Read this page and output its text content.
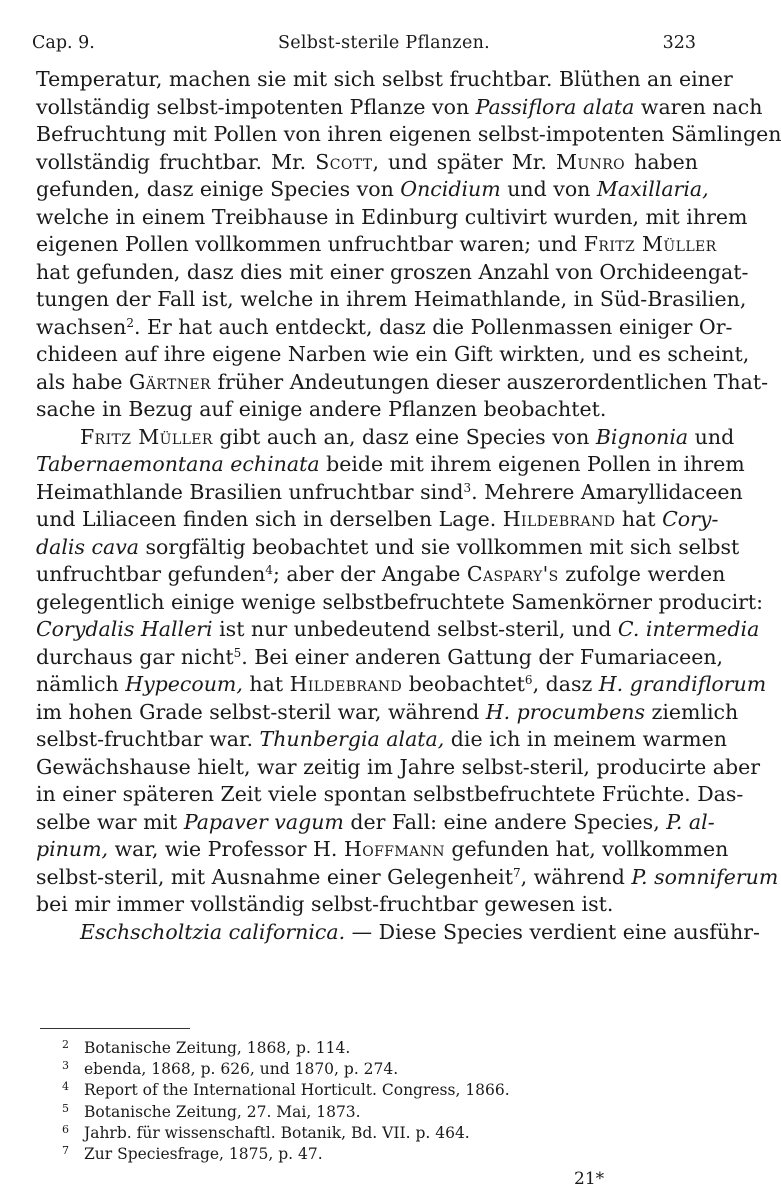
Cap. 9.	Selbst-sterile Pflanzen.	323
Temperatur, machen sie mit sich selbst fruchtbar. Blüthen an einer
vollständig selbst-impotenten Pflanze von Passiflora alata waren nach
Befruchtung mit Pollen von ihren eigenen selbst-impotenten Sämlingen
vollständig fruchtbar. Mr. Scott, und später Mr. Munro haben
gefunden, dasz einige Species von Oncidium und von Maxillaria,
welche in einem Treibhause in Edinburg cultivirt wurden, mit ihrem
eigenen Pollen vollkommen unfruchtbar waren; und Fritz Müller
hat gefunden, dasz dies mit einer groszen Anzahl von Orchideengat-
tungen der Fall ist, welche in ihrem Heimathlande, in Süd-Brasilien,
wachsen$^2$. Er hat auch entdeckt, dasz die Pollenmassen einiger Or-
chideen auf ihre eigene Narben wie ein Gift wirkten, und es scheint,
als habe Gärtner früher Andeutungen dieser auszerordentlichen That-
sache in Bezug auf einige andere Pflanzen beobachtet.
Fritz Müller gibt auch an, dasz eine Species von Bignonia und
Tabernaemontana echinata beide mit ihrem eigenen Pollen in ihrem
Heimathlande Brasilien unfruchtbar sind$^3$. Mehrere Amaryllidaceen
und Liliaceen finden sich in derselben Lage. Hildebrand hat Cory-
dalis cava sorgfältig beobachtet und sie vollkommen mit sich selbst
unfruchtbar gefunden$^4$; aber der Angabe Caspary's zufolge werden
gelegentlich einige wenige selbstbefruchtete Samenkörner producirt:
Corydalis Halleri ist nur unbedeutend selbst-steril, und C. intermedia
durchaus gar nicht$^5$. Bei einer anderen Gattung der Fumariaceen,
nämlich Hypecoum, hat Hildebrand beobachtet$^6$, dasz H. grandiflorum
im hohen Grade selbst-steril war, während H. procumbens ziemlich
selbst-fruchtbar war. Thunbergia alata, die ich in meinem warmen
Gewächshause hielt, war zeitig im Jahre selbst-steril, producirte aber
in einer späteren Zeit viele spontan selbstbefruchtete Früchte. Das-
selbe war mit Papaver vagum der Fall: eine andere Species, P. al-
pinum, war, wie Professor H. Hoffmann gefunden hat, vollkommen
selbst-steril, mit Ausnahme einer Gelegenheit$^7$, während P. somniferum
bei mir immer vollständig selbst-fruchtbar gewesen ist.
Eschscholtzia californica. — Diese Species verdient eine ausführ-
2 Botanische Zeitung, 1868, p. 114.
3 ebenda, 1868, p. 626, und 1870, p. 274.
4 Report of the International Horticult. Congress, 1866.
5 Botanische Zeitung, 27. Mai, 1873.
6 Jahrb. für wissenschaftl. Botanik, Bd. VII. p. 464.
7 Zur Speciesfrage, 1875, p. 47.
21*
